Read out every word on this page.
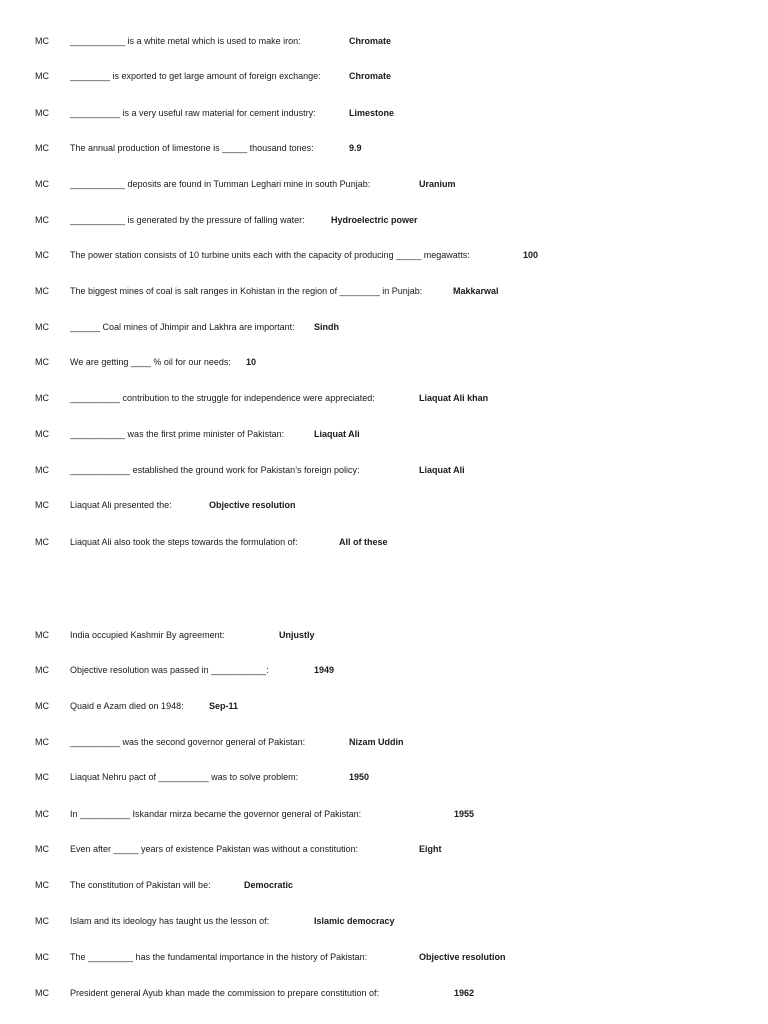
MC ___________ is a white metal which is used to make iron:	Chromate
MC ________ is exported to get large amount of foreign exchange:	Chromate
MC __________ is a very useful raw material for cement industry:	Limestone
MC The annual production of limestone is _____ thousand tones:	9.9
MC ___________ deposits are found in Tumman Leghari mine in south Punjab:	Uranium
MC ___________ is generated by the pressure of falling water:	Hydroelectric power
MC The power station consists of 10 turbine units each with the capacity of producing _____ megawatts:	100
MC The biggest mines of coal is salt ranges in Kohistan in the region of ________ in Punjab:	Makkarwal
MC ______ Coal mines of Jhimpir and Lakhra are important: Sindh
MC We are getting ____ % oil for our needs: 10
MC __________ contribution to the struggle for independence were appreciated:	Liaquat Ali khan
MC ___________ was the first prime minister of Pakistan:	Liaquat Ali
MC ____________ established the ground work for Pakistan’s foreign policy:	Liaquat Ali
MC Liaquat Ali presented the:	Objective resolution
MC Liaquat Ali also took the steps towards the formulation of:	All of these
MC India occupied Kashmir By agreement:	Unjustly
MC Objective resolution was passed in ___________:	1949
MC Quaid e Azam died on 1948:	Sep-11
MC __________ was the second governor general of Pakistan:	Nizam Uddin
MC Liaquat Nehru pact of __________ was to solve problem:	1950
MC In __________ Iskandar mirza became the governor general of Pakistan:	1955
MC Even after _____ years of existence Pakistan was without a constitution:	Eight
MC The constitution of Pakistan will be:	Democratic
MC Islam and its ideology has taught us the lesson of:	Islamic democracy
MC The _________ has the fundamental importance in the history of Pakistan:	Objective resolution
MC President general Ayub khan made the commission to prepare constitution of:	1962
